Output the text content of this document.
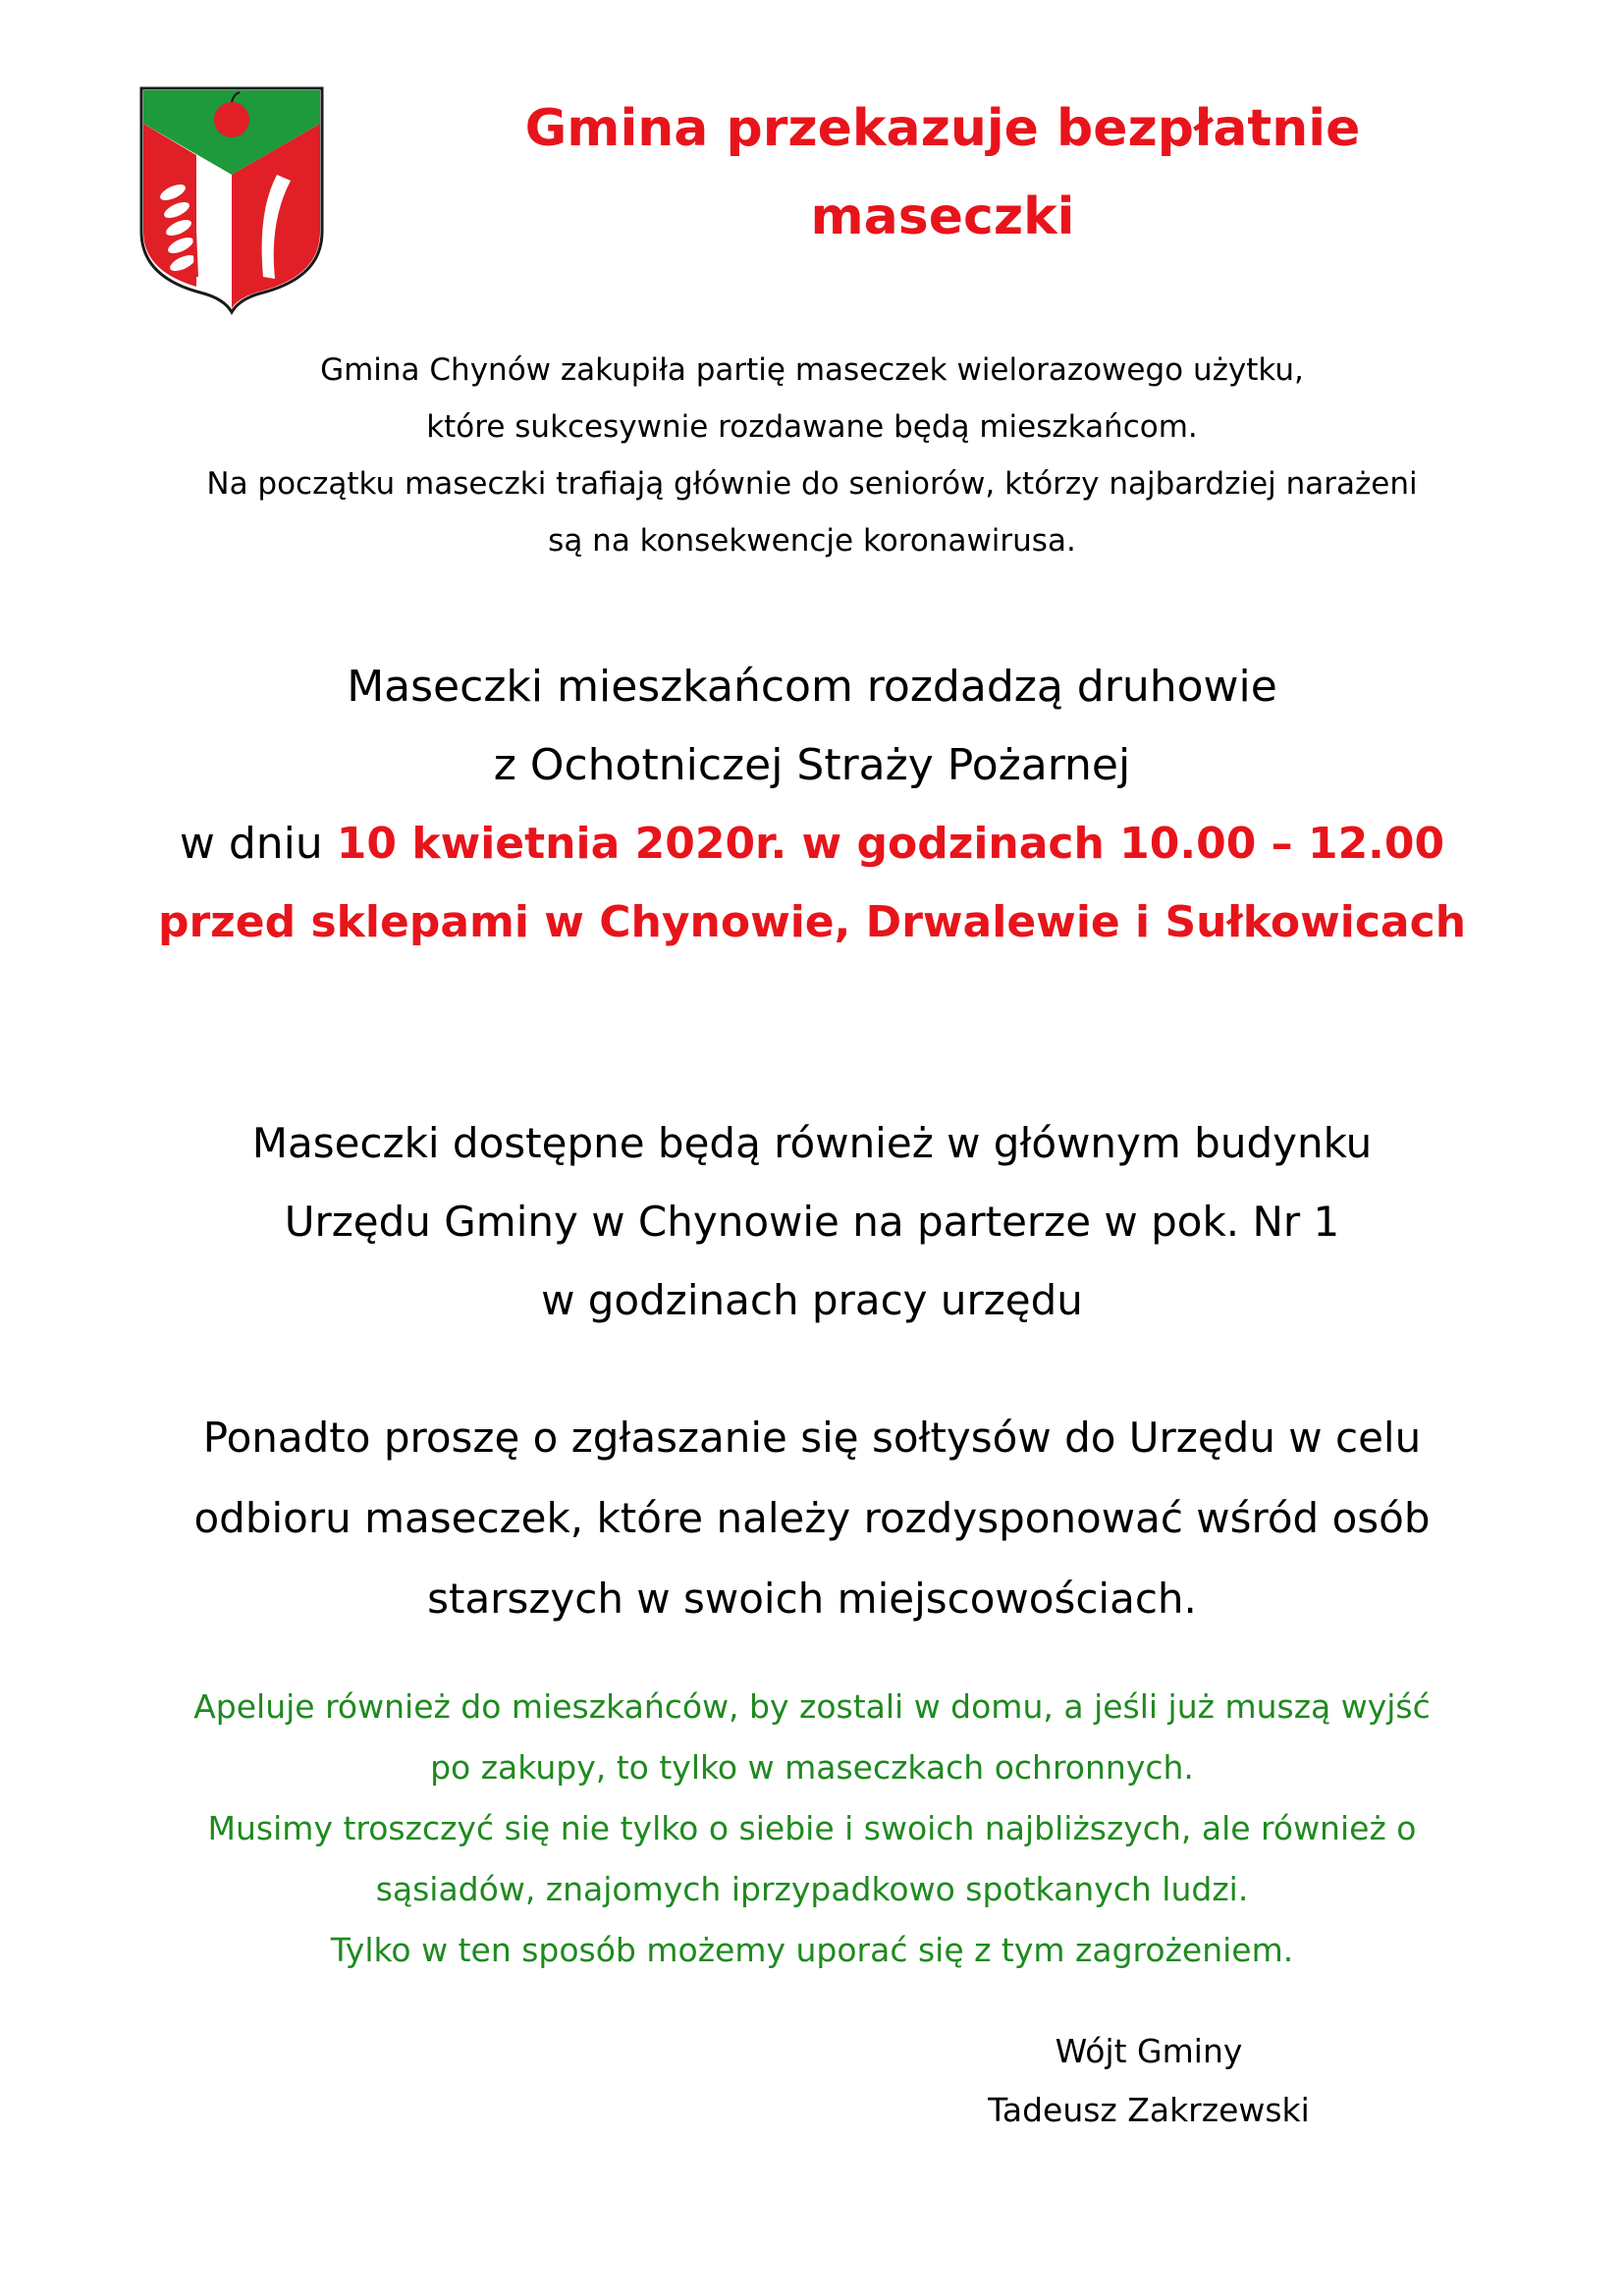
Gmina przekazuje bezpłatnie
maseczki
Gmina Chynów zakupiła partię maseczek wielorazowego użytku,
które sukcesywnie rozdawane będą mieszkańcom.
Na początku maseczki trafiają głównie do seniorów, którzy najbardziej narażeni
są na konsekwencje koronawirusa.
Maseczki mieszkańcom rozdadzą druhowie
z Ochotniczej Straży Pożarnej
w dniu 10 kwietnia 2020r. w godzinach 10.00 – 12.00
przed sklepami w Chynowie, Drwalewie i Sułkowicach
Maseczki dostępne będą również w głównym budynku
Urzędu Gminy w Chynowie na parterze w pok. Nr 1
w godzinach pracy urzędu
Ponadto proszę o zgłaszanie się sołtysów do Urzędu w celu
odbioru maseczek, które należy rozdysponować wśród osób
starszych w swoich miejscowościach.
Apeluje również do mieszkańców, by zostali w domu, a jeśli już muszą wyjść
po zakupy, to tylko w maseczkach ochronnych.
Musimy troszczyć się nie tylko o siebie i swoich najbliższych, ale również o
sąsiadów, znajomych iprzypadkowo spotkanych ludzi.
Tylko w ten sposób możemy uporać się z tym zagrożeniem.
Wójt Gminy
Tadeusz Zakrzewski
